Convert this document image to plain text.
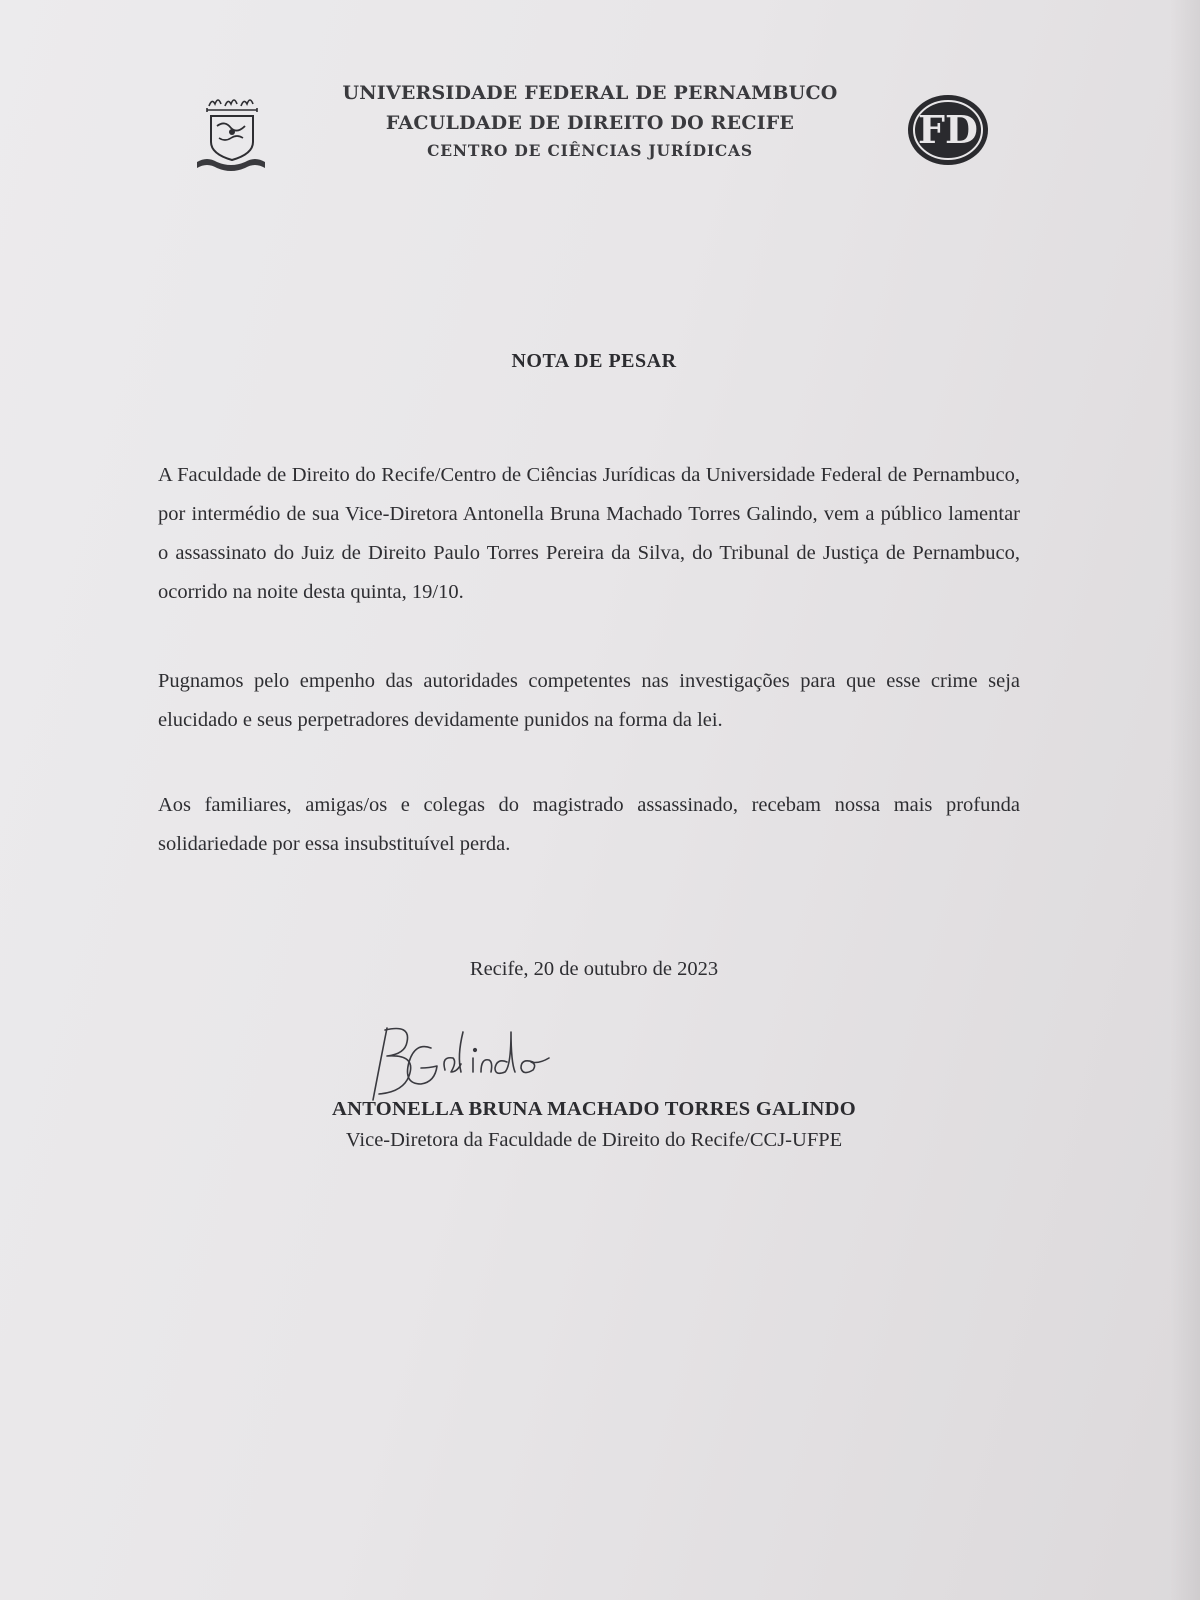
UNIVERSIDADE FEDERAL DE PERNAMBUCO
FACULDADE DE DIREITO DO RECIFE
CENTRO DE CIÊNCIAS JURÍDICAS	FD
NOTA DE PESAR
A Faculdade de Direito do Recife/Centro de Ciências Jurídicas da Universidade Federal de Pernambuco, por intermédio de sua Vice-Diretora Antonella Bruna Machado Torres Galindo, vem a público lamentar o assassinato do Juiz de Direito Paulo Torres Pereira da Silva, do Tribunal de Justiça de Pernambuco, ocorrido na noite desta quinta, 19/10.
Pugnamos pelo empenho das autoridades competentes nas investigações para que esse crime seja elucidado e seus perpetradores devidamente punidos na forma da lei.
Aos familiares, amigas/os e colegas do magistrado assassinado, recebam nossa mais profunda solidariedade por essa insubstituível perda.
Recife, 20 de outubro de 2023
ANTONELLA BRUNA MACHADO TORRES GALINDO
Vice-Diretora da Faculdade de Direito do Recife/CCJ-UFPE
